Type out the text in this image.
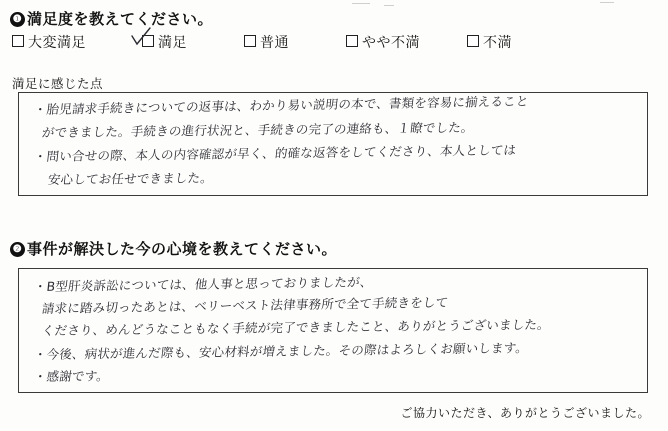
❶ 満足度を教えてください。
大変満足	満足	普通	やや不満	不満
満足に感じた点
・胎児請求手続きについての返事は、わかり易い説明の本で、書類を容易に揃えること
ができました。手続きの進行状況と、手続きの完了の連絡も、１瞭でした。
・問い合せの際、本人の内容確認が早く、的確な返答をしてくださり、本人としては
安心してお任せできました。
❷ 事件が解決した今の心境を教えてください。
・B型肝炎訴訟については、他人事と思っておりましたが、
請求に踏み切ったあとは、ベリーベスト法律事務所で全て手続きをして
くださり、めんどうなこともなく手続が完了できましたこと、ありがとうございました。
・今後、病状が進んだ際も、安心材料が増えました。その際はよろしくお願いします。
・感謝です。
ご協力いただき、ありがとうございました。
